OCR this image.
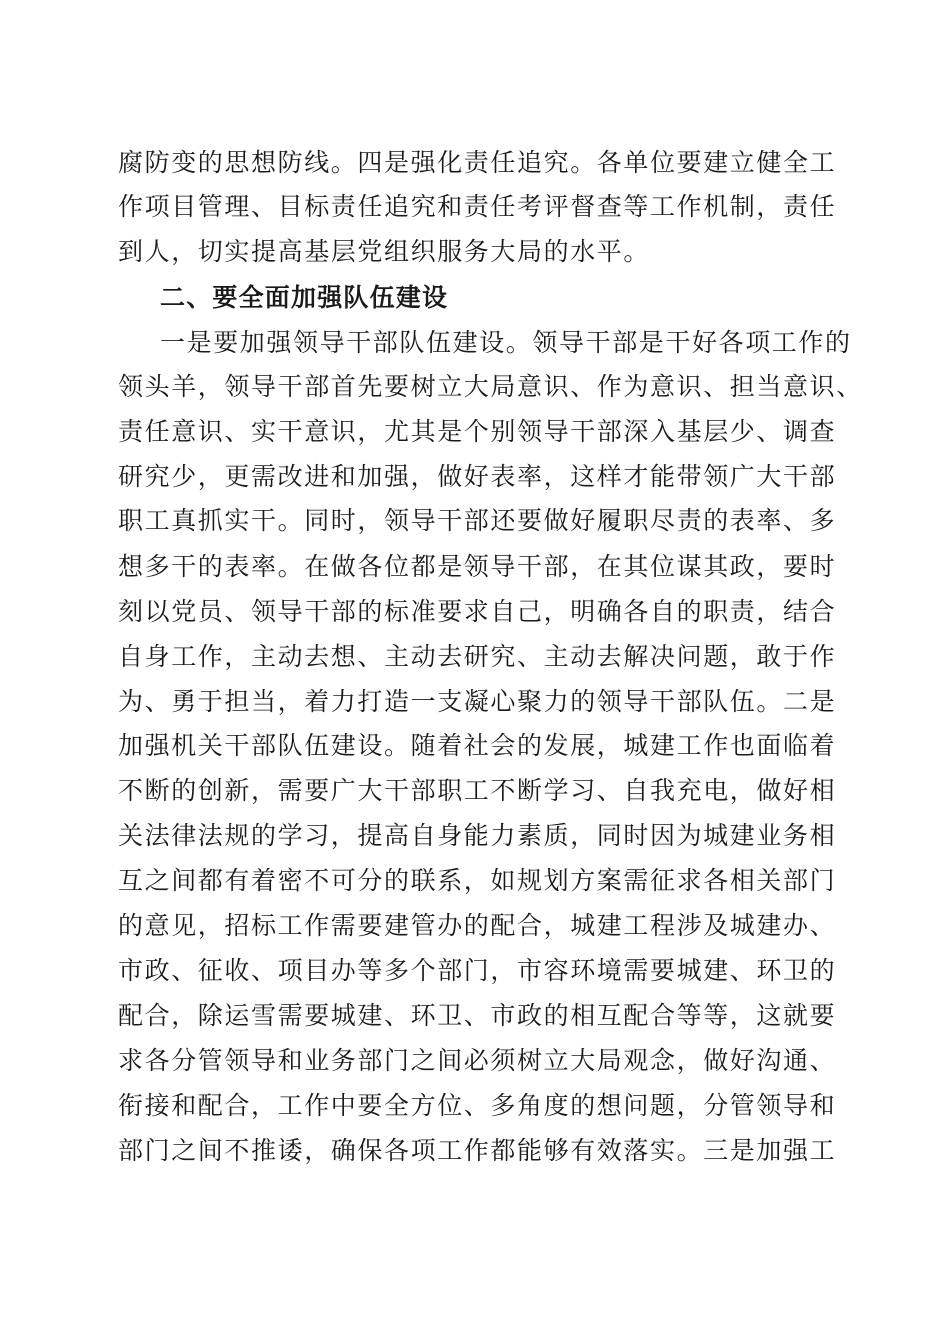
腐防变的思想防线。四是强化责任追究。各单位要建立健全工
作项目管理、目标责任追究和责任考评督查等工作机制，责任
到人，切实提高基层党组织服务大局的水平。
二、要全面加强队伍建设
一是要加强领导干部队伍建设。领导干部是干好各项工作的
领头羊，领导干部首先要树立大局意识、作为意识、担当意识、
责任意识、实干意识，尤其是个别领导干部深入基层少、调查
研究少，更需改进和加强，做好表率，这样才能带领广大干部
职工真抓实干。同时，领导干部还要做好履职尽责的表率、多
想多干的表率。在做各位都是领导干部，在其位谋其政，要时
刻以党员、领导干部的标准要求自己，明确各自的职责，结合
自身工作，主动去想、主动去研究、主动去解决问题，敢于作
为、勇于担当，着力打造一支凝心聚力的领导干部队伍。二是
加强机关干部队伍建设。随着社会的发展，城建工作也面临着
不断的创新，需要广大干部职工不断学习、自我充电，做好相
关法律法规的学习，提高自身能力素质，同时因为城建业务相
互之间都有着密不可分的联系，如规划方案需征求各相关部门
的意见，招标工作需要建管办的配合，城建工程涉及城建办、
市政、征收、项目办等多个部门，市容环境需要城建、环卫的
配合，除运雪需要城建、环卫、市政的相互配合等等，这就要
求各分管领导和业务部门之间必须树立大局观念，做好沟通、
衔接和配合，工作中要全方位、多角度的想问题，分管领导和
部门之间不推诿，确保各项工作都能够有效落实。三是加强工
